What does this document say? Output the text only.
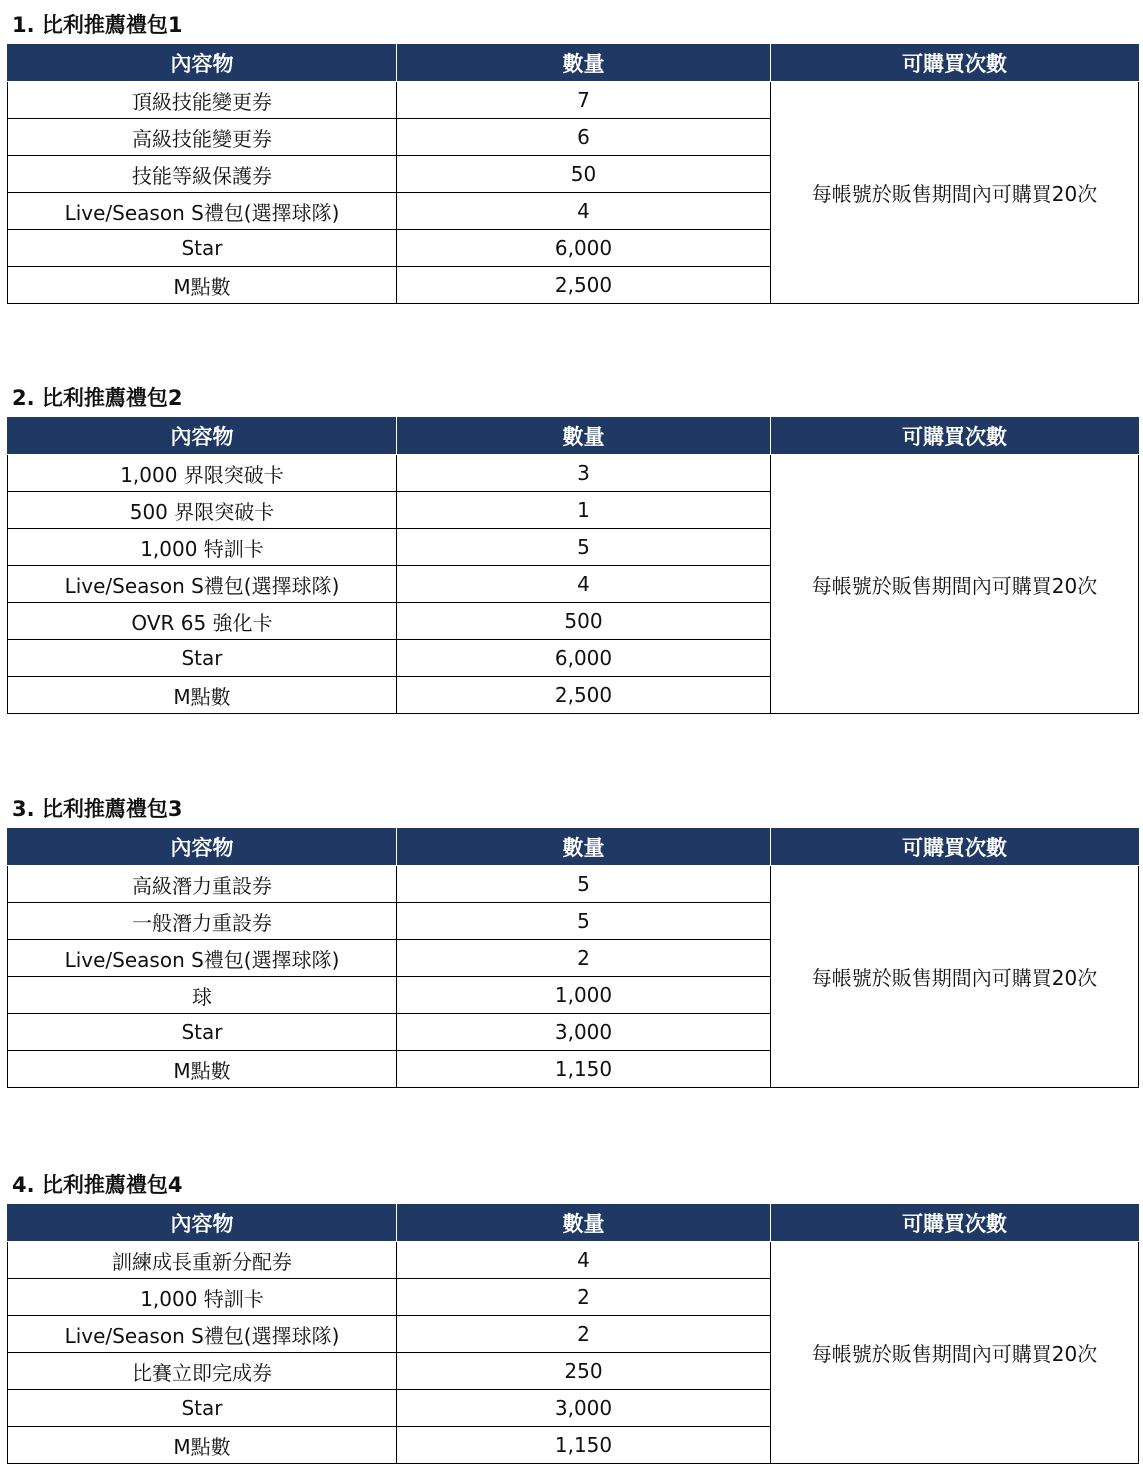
1. 比利推薦禮包1
內容物	數量	可購買次數
頂級技能變更券	7	每帳號於販售期間內可購買20次
高級技能變更券	6	
技能等級保護券	50	
Live/Season S禮包(選擇球隊)	4	
Star	6,000	
M點數	2,500	
2. 比利推薦禮包2
內容物	數量	可購買次數
1,000 界限突破卡	3	每帳號於販售期間內可購買20次
500 界限突破卡	1	
1,000 特訓卡	5	
Live/Season S禮包(選擇球隊)	4	
OVR 65 強化卡	500	
Star	6,000	
M點數	2,500	
3. 比利推薦禮包3
內容物	數量	可購買次數
高級潛力重設券	5	每帳號於販售期間內可購買20次
一般潛力重設券	5	
Live/Season S禮包(選擇球隊)	2	
球	1,000	
Star	3,000	
M點數	1,150	
4. 比利推薦禮包4
內容物	數量	可購買次數
訓練成長重新分配券	4	每帳號於販售期間內可購買20次
1,000 特訓卡	2	
Live/Season S禮包(選擇球隊)	2	
比賽立即完成券	250	
Star	3,000	
M點數	1,150	
